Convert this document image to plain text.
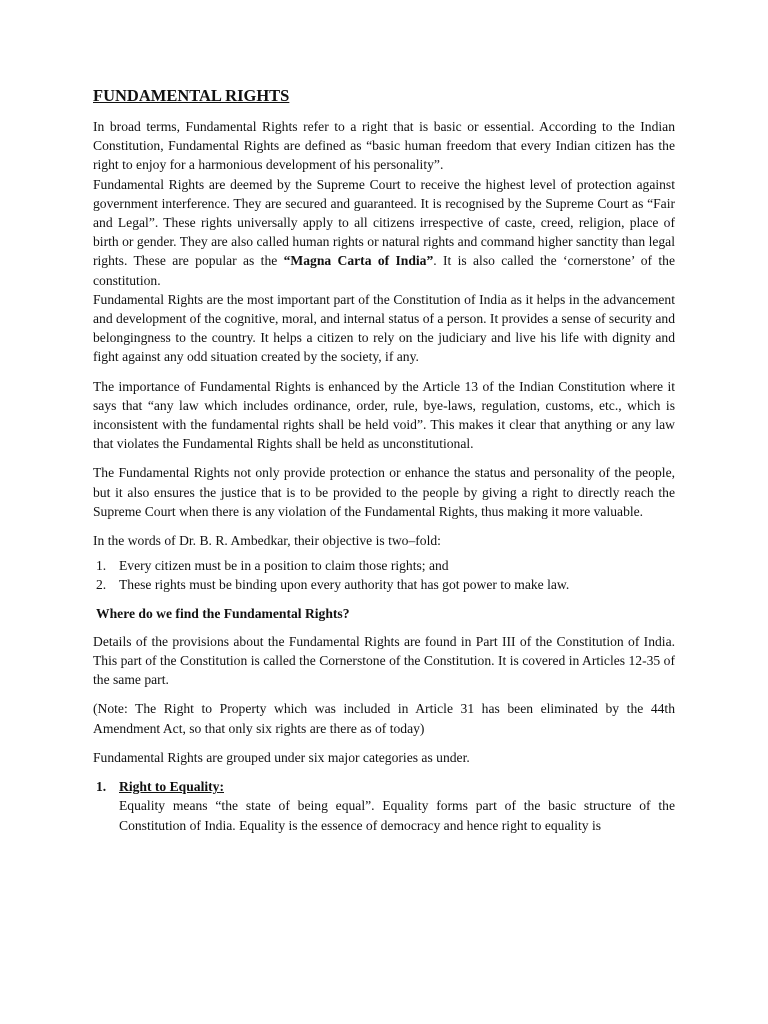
FUNDAMENTAL RIGHTS

In broad terms, Fundamental Rights refer to a right that is basic or essential. According to the Indian Constitution, Fundamental Rights are defined as “basic human freedom that every Indian citizen has the right to enjoy for a harmonious development of his personality”.

Fundamental Rights are deemed by the Supreme Court to receive the highest level of protection against government interference. They are secured and guaranteed. It is recognised by the Supreme Court as “Fair and Legal”. These rights universally apply to all citizens irrespective of caste, creed, religion, place of birth or gender. They are also called human rights or natural rights and command higher sanctity than legal rights. These are popular as the “Magna Carta of India”. It is also called the ‘cornerstone’ of the constitution.

Fundamental Rights are the most important part of the Constitution of India as it helps in the advancement and development of the cognitive, moral, and internal status of a person. It provides a sense of security and belongingness to the country. It helps a citizen to rely on the judiciary and live his life with dignity and fight against any odd situation created by the society, if any.

The importance of Fundamental Rights is enhanced by the Article 13 of the Indian Constitution where it says that “any law which includes ordinance, order, rule, bye-laws, regulation, customs, etc., which is inconsistent with the fundamental rights shall be held void”. This makes it clear that anything or any law that violates the Fundamental Rights shall be held as unconstitutional.

The Fundamental Rights not only provide protection or enhance the status and personality of the people, but it also ensures the justice that is to be provided to the people by giving a right to directly reach the Supreme Court when there is any violation of the Fundamental Rights, thus making it more valuable.

In the words of Dr. B. R. Ambedkar, their objective is two–fold:

1. Every citizen must be in a position to claim those rights; and
2. These rights must be binding upon every authority that has got power to make law.

Where do we find the Fundamental Rights?

Details of the provisions about the Fundamental Rights are found in Part III of the Constitution of India. This part of the Constitution is called the Cornerstone of the Constitution. It is covered in Articles 12-35 of the same part.

(Note: The Right to Property which was included in Article 31 has been eliminated by the 44th Amendment Act, so that only six rights are there as of today)

Fundamental Rights are grouped under six major categories as under.

1. Right to Equality:

Equality means “the state of being equal”. Equality forms part of the basic structure of the Constitution of India. Equality is the essence of democracy and hence right to equality is
